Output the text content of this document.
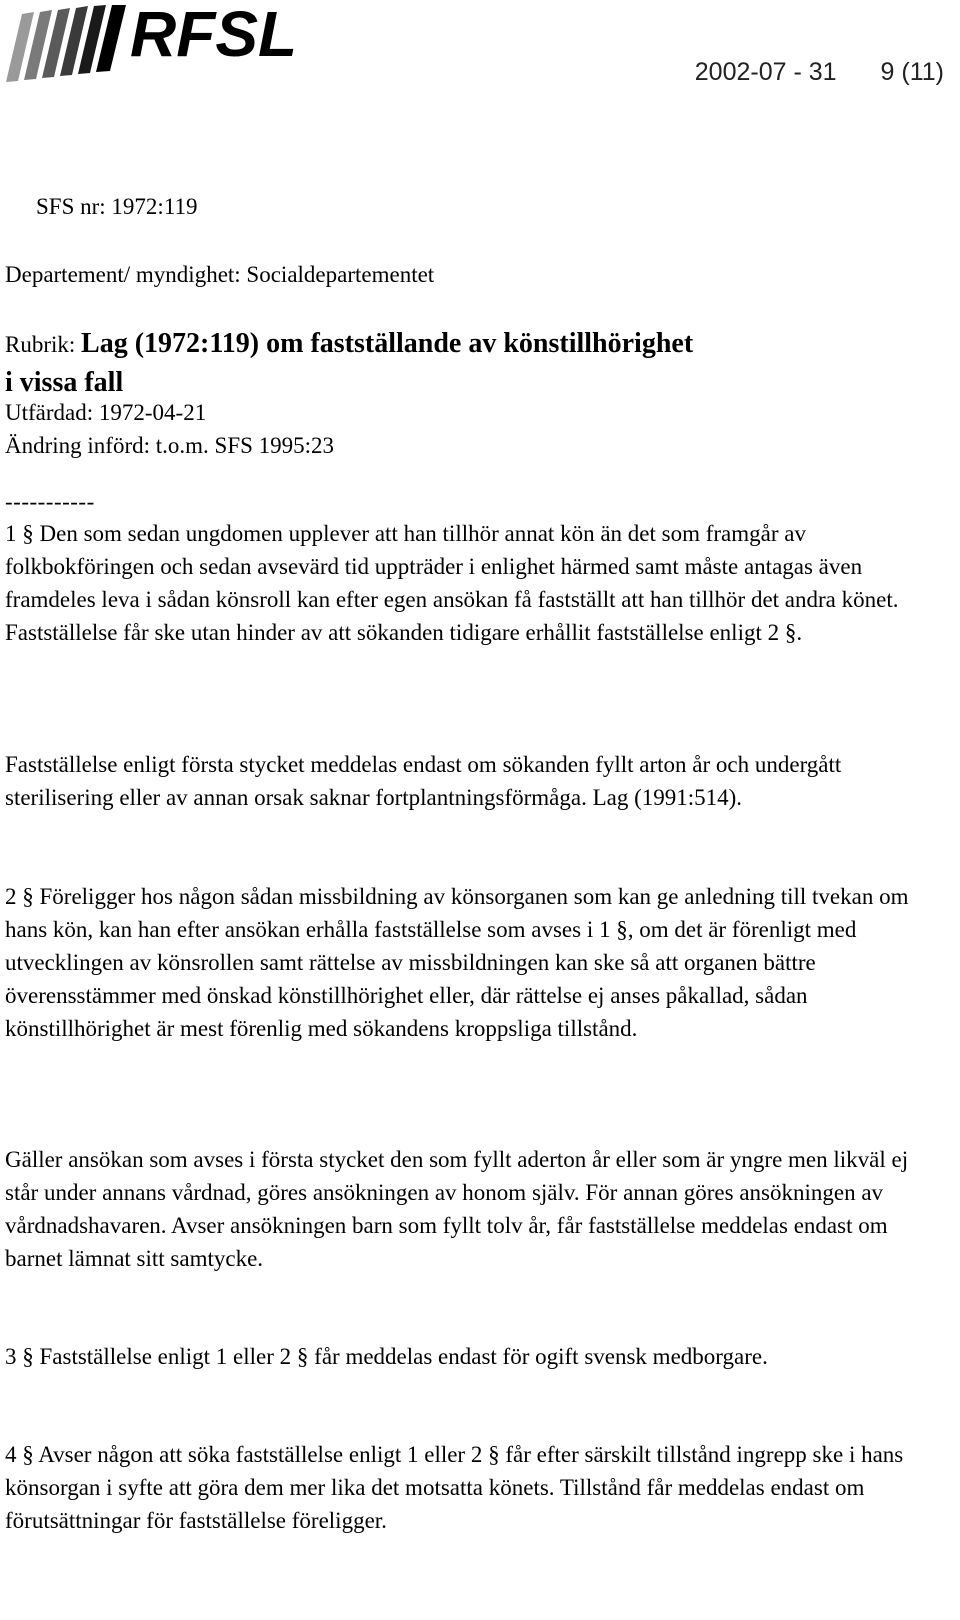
RFSL
2002-07 - 31 9 (11)
SFS nr: 1972:119
Departement/ myndighet: Socialdepartementet
Rubrik: Lag (1972:119) om fastställande av könstillhörighet i vissa fall
Utfärdad: 1972-04-21
Ändring införd: t.o.m. SFS 1995:23
-----------

1 § Den som sedan ungdomen upplever att han tillhör annat kön än det som framgår av folkbokföringen och sedan avsevärd tid uppträder i enlighet härmed samt måste antagas även framdeles leva i sådan könsroll kan efter egen ansökan få fastställt att han tillhör det andra könet. Fastställelse får ske utan hinder av att sökanden tidigare erhållit fastställelse enligt 2 §.

Fastställelse enligt första stycket meddelas endast om sökanden fyllt arton år och undergått sterilisering eller av annan orsak saknar fortplantningsförmåga. Lag (1991:514).

2 § Föreligger hos någon sådan missbildning av könsorganen som kan ge anledning till tvekan om hans kön, kan han efter ansökan erhålla fastställelse som avses i 1 §, om det är förenligt med utvecklingen av könsrollen samt rättelse av missbildningen kan ske så att organen bättre överensstämmer med önskad könstillhörighet eller, där rättelse ej anses påkallad, sådan könstillhörighet är mest förenlig med sökandens kroppsliga tillstånd.

Gäller ansökan som avses i första stycket den som fyllt aderton år eller som är yngre men likväl ej står under annans vårdnad, göres ansökningen av honom själv. För annan göres ansökningen av vårdnadshavaren. Avser ansökningen barn som fyllt tolv år, får fastställelse meddelas endast om barnet lämnat sitt samtycke.

3 § Fastställelse enligt 1 eller 2 § får meddelas endast för ogift svensk medborgare.

4 § Avser någon att söka fastställelse enligt 1 eller 2 § får efter särskilt tillstånd ingrepp ske i hans könsorgan i syfte att göra dem mer lika det motsatta könets. Tillstånd får meddelas endast om förutsättningar för fastställelse föreligger.
